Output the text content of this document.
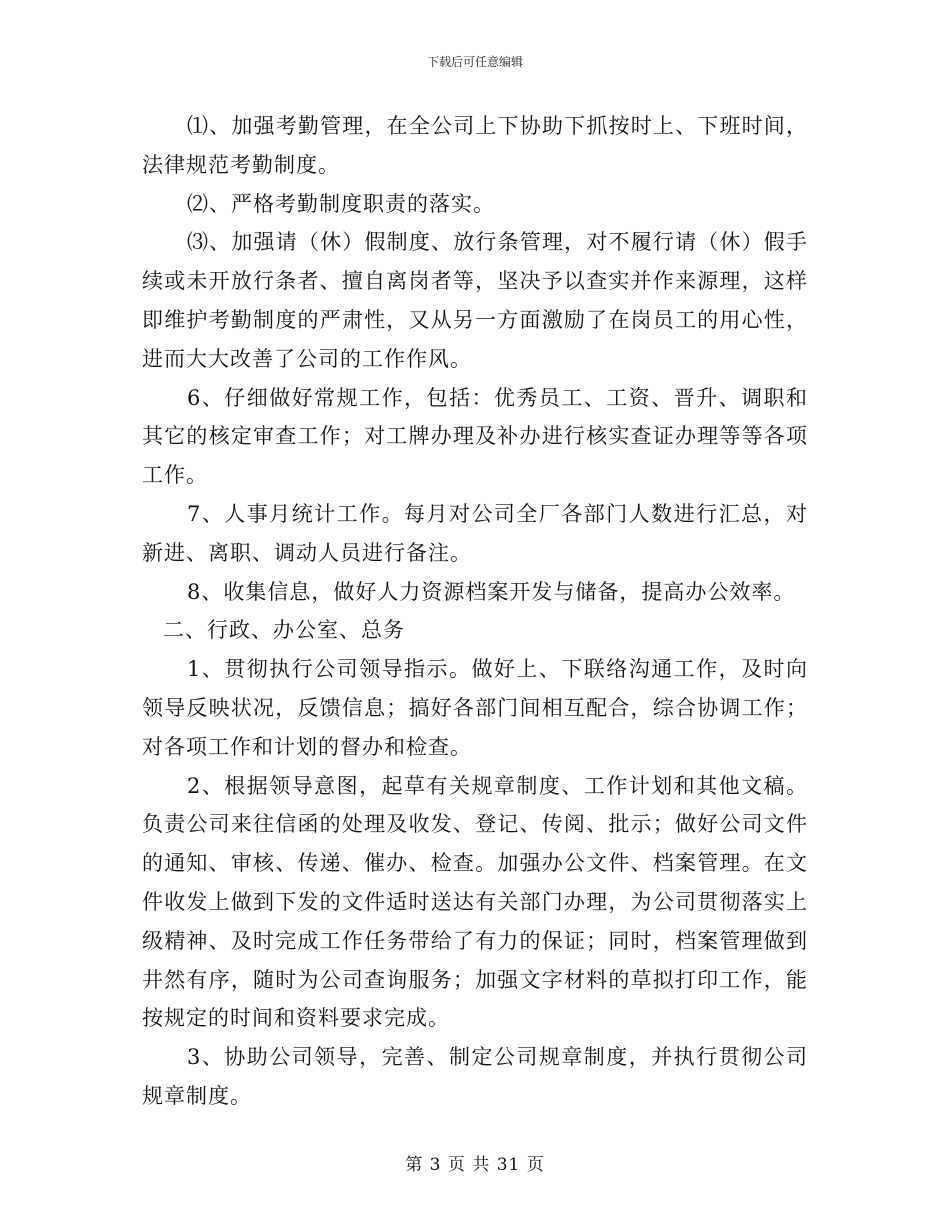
下载后可任意编辑

⑴、加强考勤管理，在全公司上下协助下抓按时上、下班时间，法律规范考勤制度。

⑵、严格考勤制度职责的落实。

⑶、加强请（休）假制度、放行条管理，对不履行请（休）假手续或未开放行条者、擅自离岗者等，坚决予以查实并作来源理，这样即维护考勤制度的严肃性，又从另一方面激励了在岗员工的用心性，进而大大改善了公司的工作作风。

6、仔细做好常规工作，包括：优秀员工、工资、晋升、调职和其它的核定审查工作；对工牌办理及补办进行核实查证办理等等各项工作。

7、人事月统计工作。每月对公司全厂各部门人数进行汇总，对新进、离职、调动人员进行备注。

8、收集信息，做好人力资源档案开发与储备，提高办公效率。

二、行政、办公室、总务

1、贯彻执行公司领导指示。做好上、下联络沟通工作，及时向领导反映状况，反馈信息；搞好各部门间相互配合，综合协调工作；对各项工作和计划的督办和检查。

2、根据领导意图，起草有关规章制度、工作计划和其他文稿。负责公司来往信函的处理及收发、登记、传阅、批示；做好公司文件的通知、审核、传递、催办、检查。加强办公文件、档案管理。在文件收发上做到下发的文件适时送达有关部门办理，为公司贯彻落实上级精神、及时完成工作任务带给了有力的保证；同时，档案管理做到井然有序，随时为公司查询服务；加强文字材料的草拟打印工作，能按规定的时间和资料要求完成。

3、协助公司领导，完善、制定公司规章制度，并执行贯彻公司规章制度。

第 3 页 共 31 页
